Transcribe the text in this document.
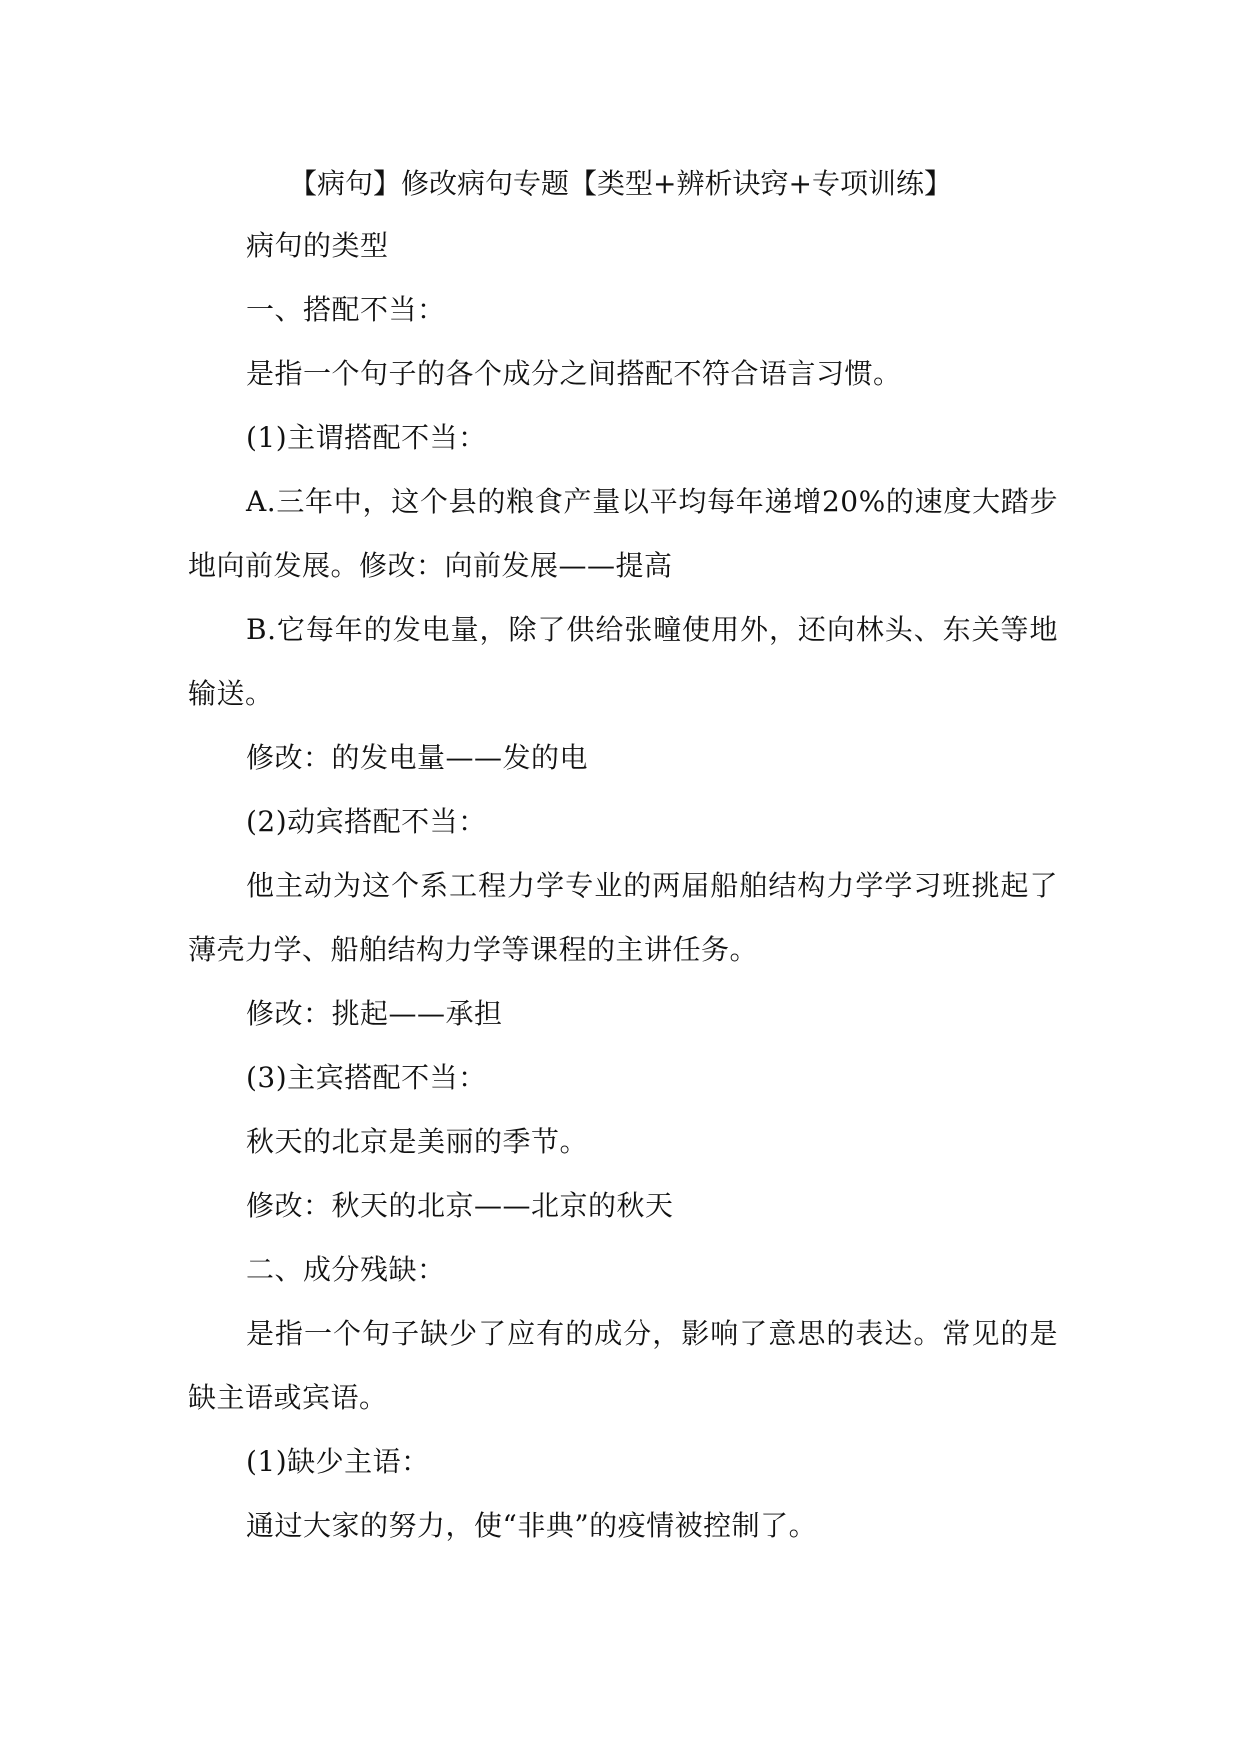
【病句】修改病句专题【类型+辨析诀窍+专项训练】
病句的类型
一、搭配不当：
是指一个句子的各个成分之间搭配不符合语言习惯。
(1)主谓搭配不当：
A.三年中，这个县的粮食产量以平均每年递增20%的速度大踏步地向前发展。修改：向前发展——提高
B.它每年的发电量，除了供给张疃使用外，还向林头、东关等地输送。
修改：的发电量——发的电
(2)动宾搭配不当：
他主动为这个系工程力学专业的两届船舶结构力学学习班挑起了薄壳力学、船舶结构力学等课程的主讲任务。
修改：挑起——承担
(3)主宾搭配不当：
秋天的北京是美丽的季节。
修改：秋天的北京——北京的秋天
二、成分残缺：
是指一个句子缺少了应有的成分，影响了意思的表达。常见的是缺主语或宾语。
(1)缺少主语：
通过大家的努力，使“非典”的疫情被控制了。
